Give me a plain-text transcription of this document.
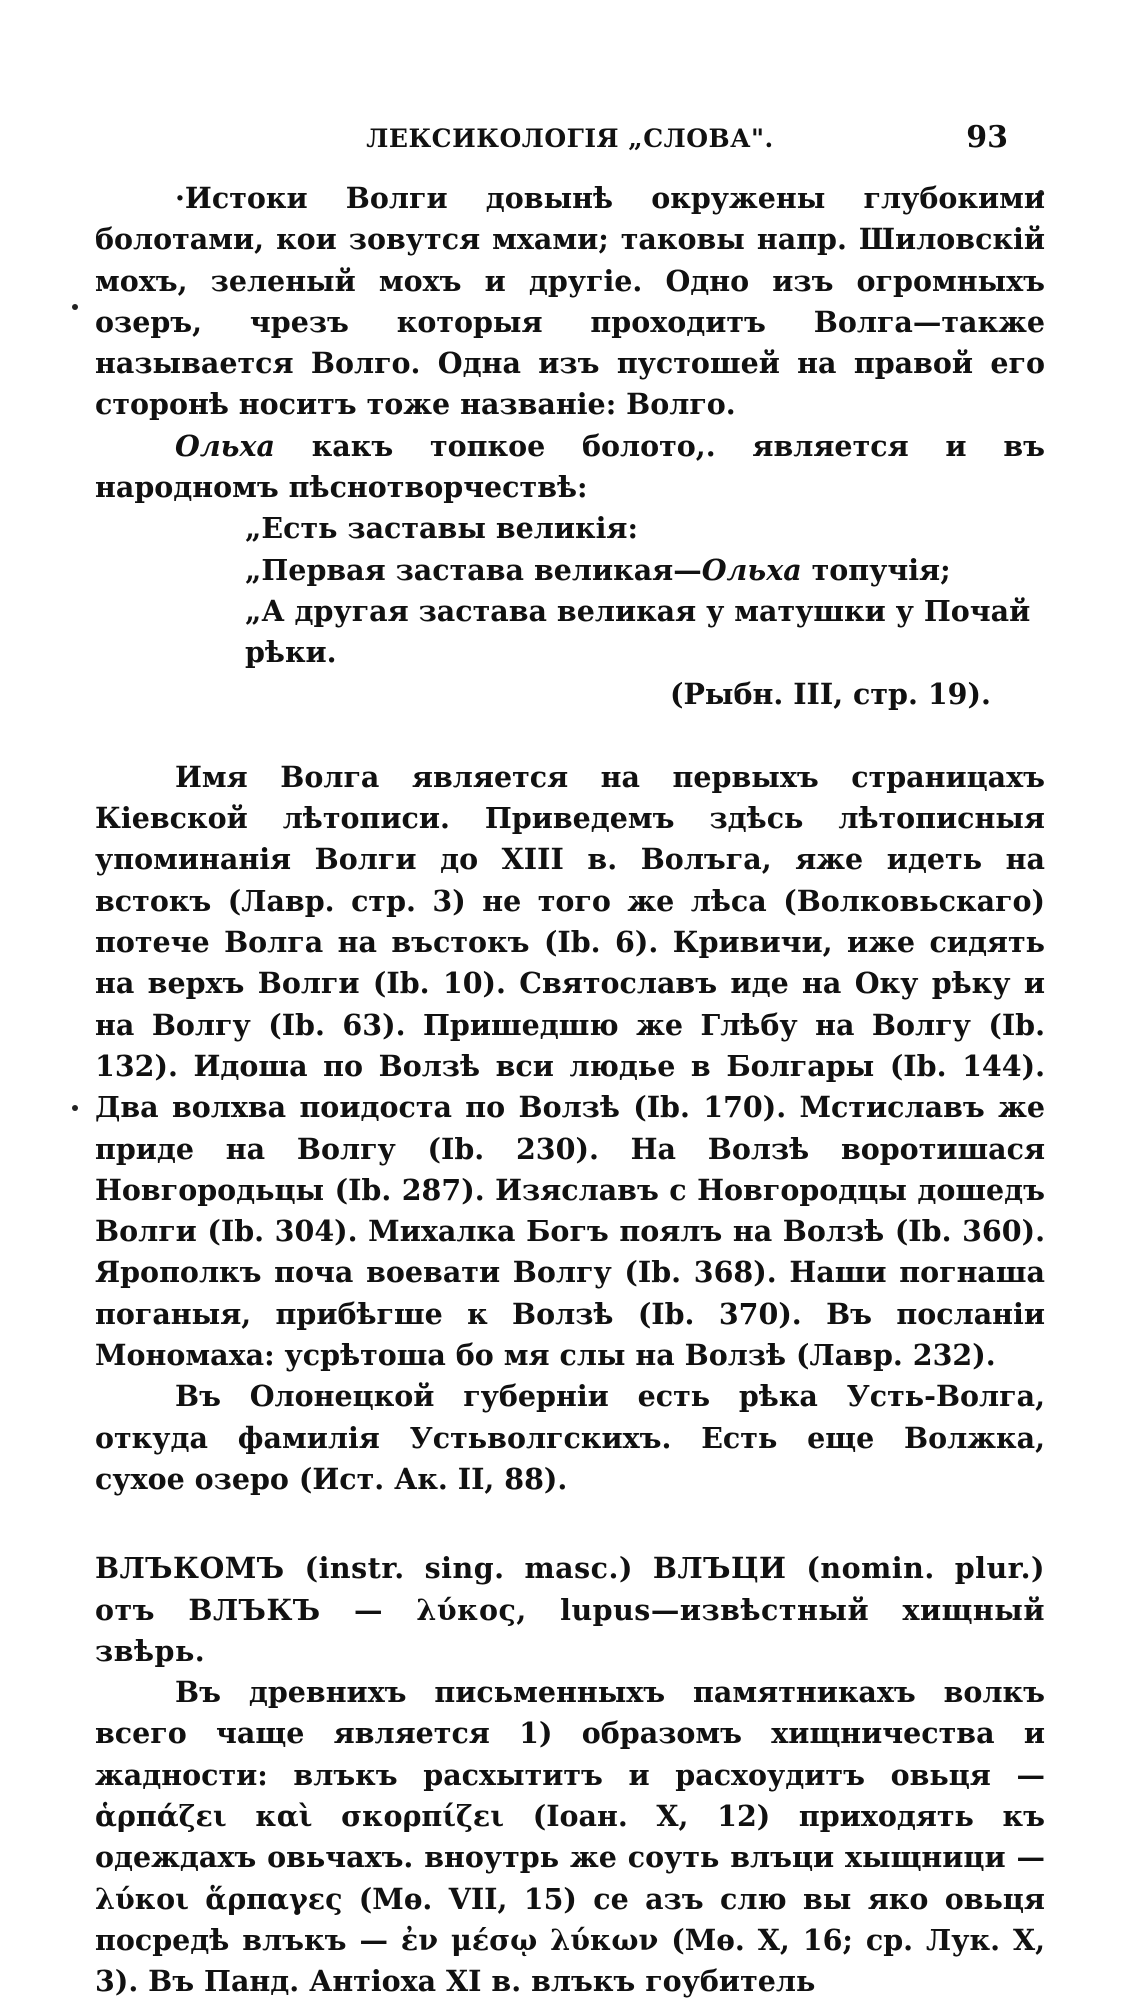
ЛЕКСИКОЛОГІЯ „СЛОВА".	93

·Истоки Волги довынѣ окружены глубокими болотами, кои зовутся мхами; таковы напр. Шиловскій мохъ, зеленый мохъ и другіе. Одно изъ огромныхъ озеръ, чрезъ которыя проходитъ Волга—также называется Волго. Одна изъ пустошей на правой его сторонѣ носитъ тоже названіе: Волго.

Ольха какъ топкое болото,. является и въ народномъ пѣснотворчествѣ:

„Есть заставы великія:

„Первая застава великая—Ольха топучія;

„А другая застава великая у матушки у Почай рѣки.

(Рыбн. III, стр. 19).

Имя Волга является на первыхъ страницахъ Кіевской лѣтописи. Приведемъ здѣсь лѣтописныя упоминанія Волги до XIII в. Волъга, яже идеть на встокъ (Лавр. стр. 3) не того же лѣса (Волковьскаго) потече Волга на въстокъ (Ib. 6). Кривичи, иже сидять на верхъ Волги (Ib. 10). Святославъ иде на Оку рѣку и на Волгу (Ib. 63). Пришедшю же Глѣбу на Волгу (Ib. 132). Идоша по Волзѣ вси людье в Болгары (Ib. 144). Два волхва поидоста по Волзѣ (Ib. 170). Мстиславъ же приде на Волгу (Ib. 230). На Волзѣ воротишася Новгородьцы (Ib. 287). Изяславъ с Новгородцы дошедъ Волги (Ib. 304). Михалка Богъ поялъ на Волзѣ (Ib. 360). Ярополкъ поча воевати Волгу (Ib. 368). Наши погнаша поганыя, прибѣгше к Волзѣ (Ib. 370). Въ посланіи Мономаха: усрѣтоша бо мя слы на Волзѣ (Лавр. 232).

Въ Олонецкой губерніи есть рѣка Усть-Волга, откуда фамилія Устьволгскихъ. Есть еще Волжка, сухое озеро (Ист. Ак. II, 88).

ВЛЪКОМЪ (instr. sing. masc.) ВЛЪЦИ (nomin. plur.) отъ ВЛЪКЪ — λύκος, lupus—извѣстный хищный звѣрь.

Въ древнихъ письменныхъ памятникахъ волкъ всего чаще является 1) образомъ хищничества и жадности: влъкъ расхытитъ и расхоудитъ овьця — ἁρπάζει καὶ σκορπίζει (Іоан. X, 12) приходять къ одеждахъ овьчахъ. вноутрь же соуть влъци хыщници — λύκοι ἅρπαγες (Мѳ. VII, 15) се азъ слю вы яко овьця посредѣ влъкъ — ἐν μέσῳ λύκων (Мѳ. X, 16; ср. Лук. X, 3). Въ Панд. Антіоха XI в. влъкъ гоубитель
